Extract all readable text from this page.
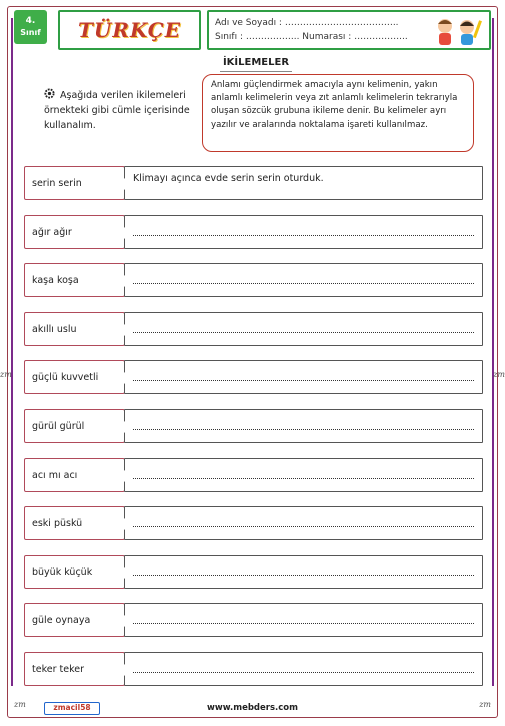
4.
Sınıf	TÜRKÇE	Adı ve Soyadı : ………………………………..
Sınıfı : ……………... Numarası : ……………...
İKİLEMELER
Aşağıda verilen ikilemeleri örnekteki gibi cümle içerisinde kullanalım.
Anlamı güçlendirmek amacıyla aynı kelimenin, yakın anlamlı kelimelerin veya zıt anlamlı kelimelerin tekrarıyla oluşan sözcük grubuna ikileme denir. Bu kelimeler ayrı yazılır ve aralarında noktalama işareti kullanılmaz.
serin serin	Klimayı açınca evde serin serin oturduk.
ağır ağır
kaşa koşa
akıllı uslu
güçlü kuvvetli
gürül gürül
acı mı acı
eski püskü
büyük küçük
güle oynaya
teker teker
zmacil58	www.mebders.com
zm	zm
zm	zm
